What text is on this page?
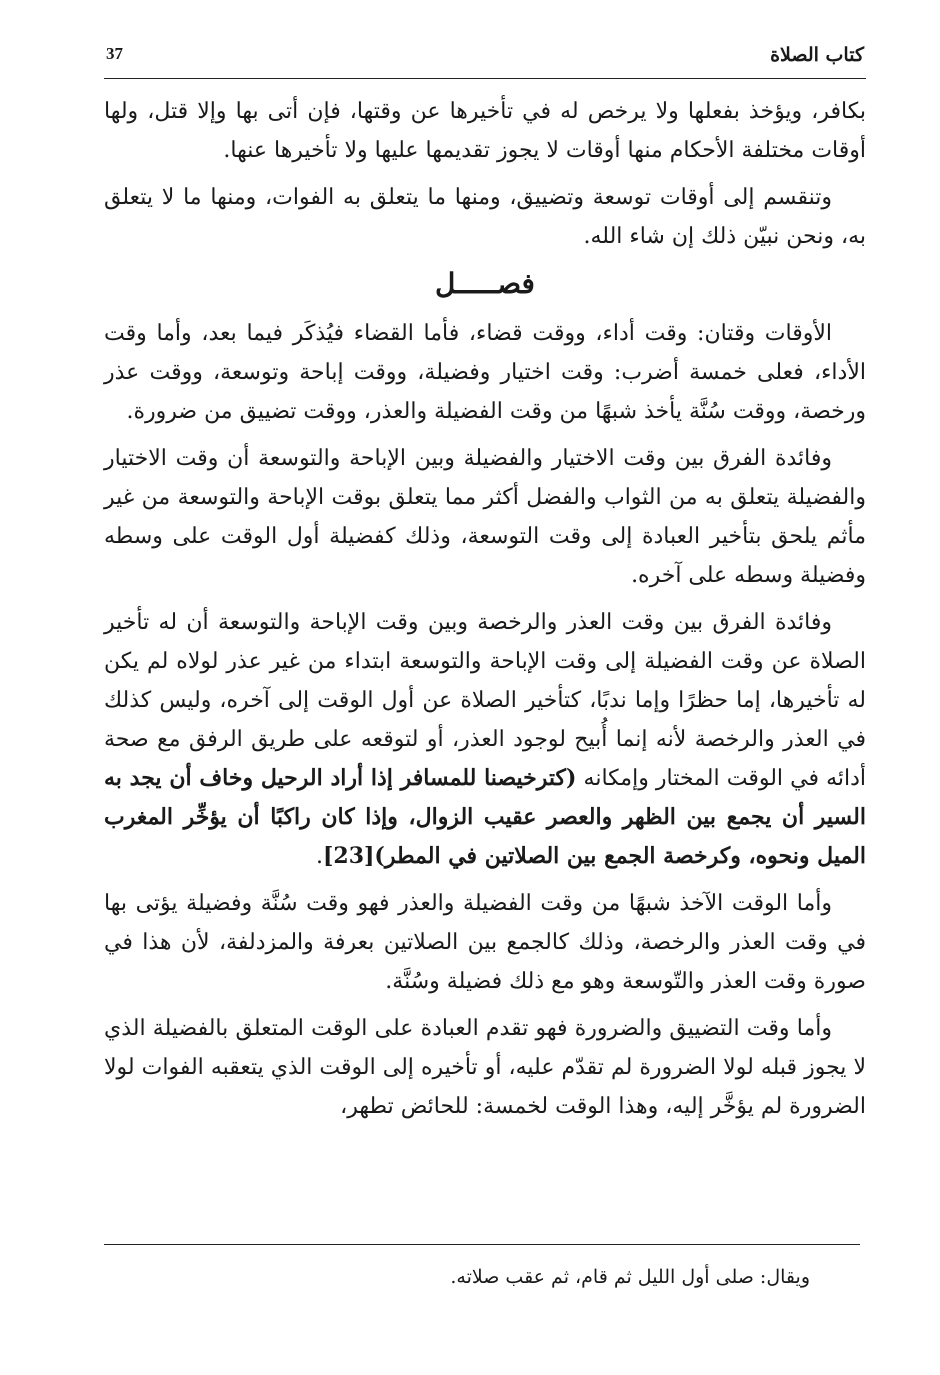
37	كتاب الصلاة

بكافر، ويؤخذ بفعلها ولا يرخص له في تأخيرها عن وقتها، فإن أتى بها وإلا قتل، ولها أوقات مختلفة الأحكام منها أوقات لا يجوز تقديمها عليها ولا تأخيرها عنها.

وتنقسم إلى أوقات توسعة وتضييق، ومنها ما يتعلق به الفوات، ومنها ما لا يتعلق به، ونحن نبيّن ذلك إن شاء الله.

فصـــــل

الأوقات وقتان: وقت أداء، ووقت قضاء، فأما القضاء فيُذكَر فيما بعد، وأما وقت الأداء، فعلى خمسة أضرب: وقت اختيار وفضيلة، ووقت إباحة وتوسعة، ووقت عذر ورخصة، ووقت سُنَّة يأخذ شبهًا من وقت الفضيلة والعذر، ووقت تضييق من ضرورة.

وفائدة الفرق بين وقت الاختيار والفضيلة وبين الإباحة والتوسعة أن وقت الاختيار والفضيلة يتعلق به من الثواب والفضل أكثر مما يتعلق بوقت الإباحة والتوسعة من غير مأثم يلحق بتأخير العبادة إلى وقت التوسعة، وذلك كفضيلة أول الوقت على وسطه وفضيلة وسطه على آخره.

وفائدة الفرق بين وقت العذر والرخصة وبين وقت الإباحة والتوسعة أن له تأخير الصلاة عن وقت الفضيلة إلى وقت الإباحة والتوسعة ابتداء من غير عذر لولاه لم يكن له تأخيرها، إما حظرًا وإما ندبًا، كتأخير الصلاة عن أول الوقت إلى آخره، وليس كذلك في العذر والرخصة لأنه إنما أُبيح لوجود العذر، أو لتوقعه على طريق الرفق مع صحة أدائه في الوقت المختار وإمكانه (كترخيصنا للمسافر إذا أراد الرحيل وخاف أن يجد به السير أن يجمع بين الظهر والعصر عقيب الزوال، وإذا كان راكبًا أن يؤخِّر المغرب الميل ونحوه، وكرخصة الجمع بين الصلاتين في المطر)[23].

وأما الوقت الآخذ شبهًا من وقت الفضيلة والعذر فهو وقت سُنَّة وفضيلة يؤتى بها في وقت العذر والرخصة، وذلك كالجمع بين الصلاتين بعرفة والمزدلفة، لأن هذا في صورة وقت العذر والتّوسعة وهو مع ذلك فضيلة وسُنَّة.

وأما وقت التضييق والضرورة فهو تقدم العبادة على الوقت المتعلق بالفضيلة الذي لا يجوز قبله لولا الضرورة لم تقدّم عليه، أو تأخيره إلى الوقت الذي يتعقبه الفوات لولا الضرورة لم يؤخَّر إليه، وهذا الوقت لخمسة: للحائض تطهر،

ويقال: صلى أول الليل ثم قام، ثم عقب صلاته.
